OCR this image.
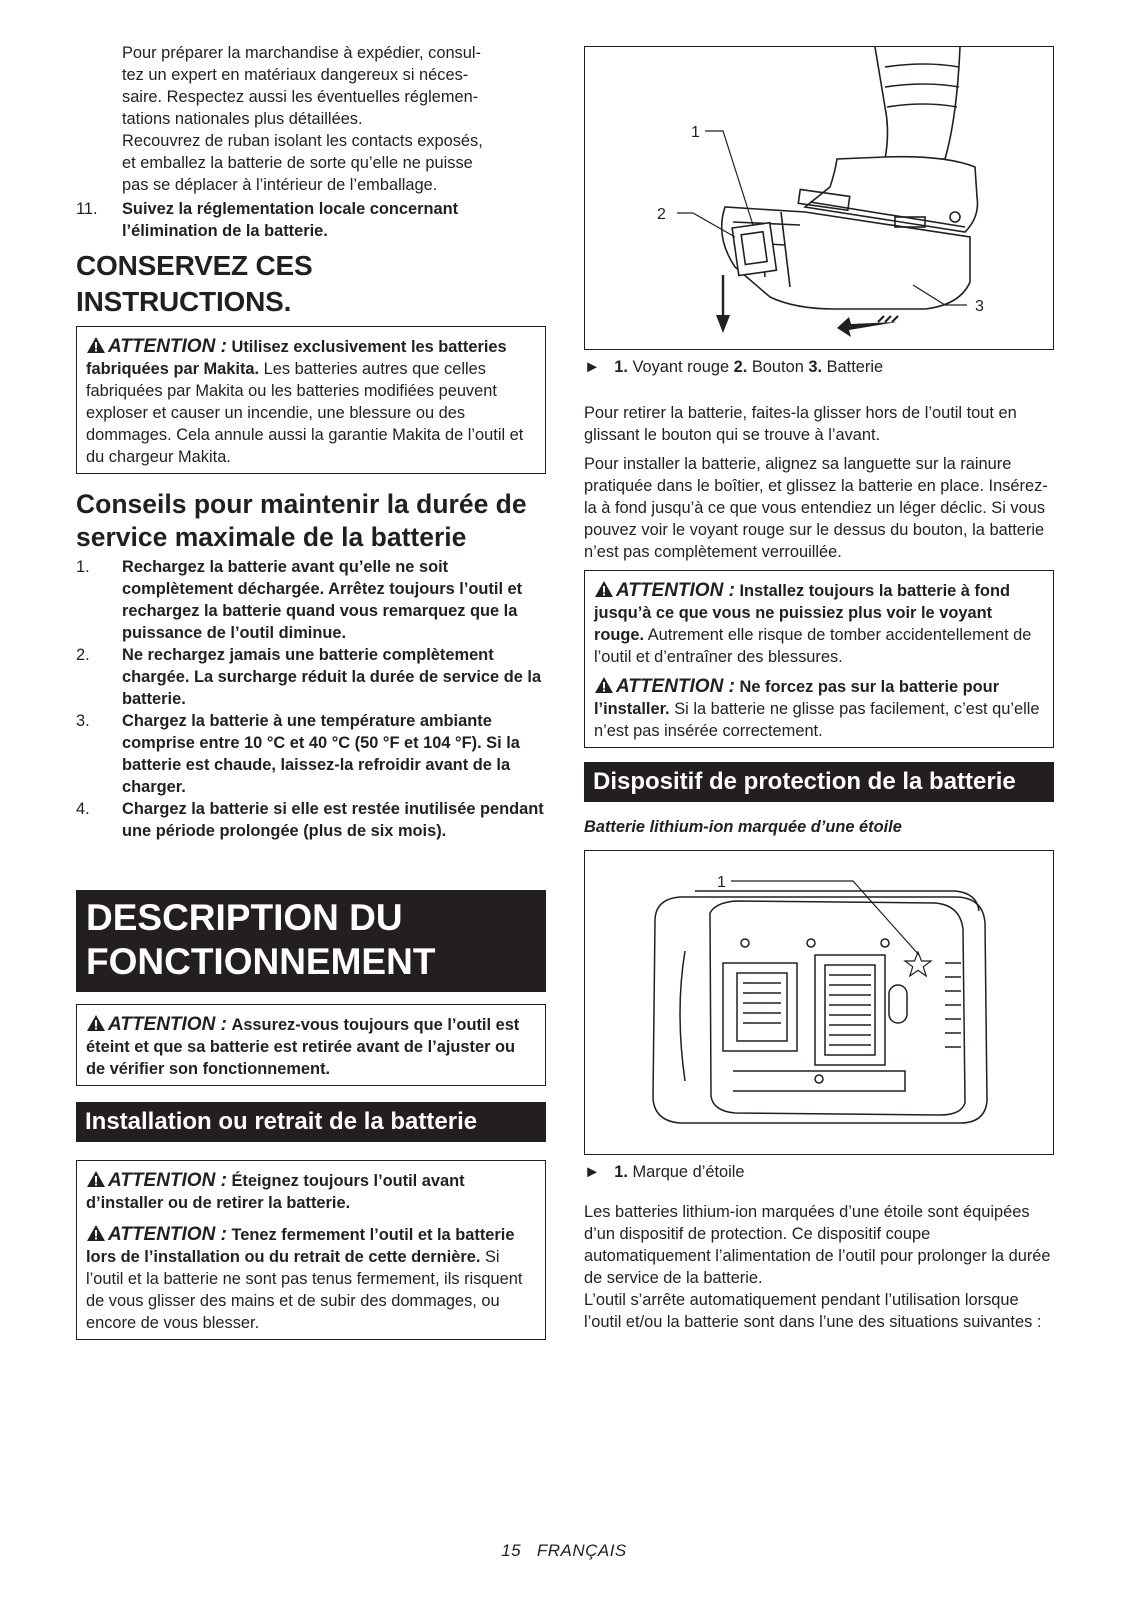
Pour préparer la marchandise à expédier, consul-

tez un expert en matériaux dangereux si néces-

saire. Respectez aussi les éventuelles réglemen-

tations nationales plus détaillées.

Recouvrez de ruban isolant les contacts exposés,

et emballez la batterie de sorte qu’elle ne puisse

pas se déplacer à l’intérieur de l’emballage.

11.	Suivez la réglementation locale concernant l’élimination de la batterie.
CONSERVEZ CES INSTRUCTIONS.
ATTENTION : Utilisez exclusivement les batteries fabriquées par Makita. Les batteries autres que celles fabriquées par Makita ou les batteries modifiées peuvent exploser et causer un incendie, une blessure ou des dommages. Cela annule aussi la garantie Makita de l’outil et du chargeur Makita.
Conseils pour maintenir la durée de service maximale de la batterie
1.	Rechargez la batterie avant qu’elle ne soit complètement déchargée. Arrêtez toujours l’outil et rechargez la batterie quand vous remarquez que la puissance de l’outil diminue.
2.	Ne rechargez jamais une batterie complètement chargée. La surcharge réduit la durée de service de la batterie.
3.	Chargez la batterie à une température ambiante comprise entre 10 °C et 40 °C (50 °F et 104 °F). Si la batterie est chaude, laissez-la refroidir avant de la charger.
4.	Chargez la batterie si elle est restée inutilisée pendant une période prolongée (plus de six mois).
DESCRIPTION DU FONCTIONNEMENT
ATTENTION : Assurez-vous toujours que l’outil est éteint et que sa batterie est retirée avant de l’ajuster ou de vérifier son fonctionnement.
Installation ou retrait de la batterie
ATTENTION : Éteignez toujours l’outil avant d’installer ou de retirer la batterie.
ATTENTION : Tenez fermement l’outil et la batterie lors de l’installation ou du retrait de cette dernière. Si l’outil et la batterie ne sont pas tenus fermement, ils risquent de vous glisser des mains et de subir des dommages, ou encore de vous blesser.
1
2
3

► 1. Voyant rouge 2. Bouton 3. Batterie

Pour retirer la batterie, faites-la glisser hors de l’outil tout en glissant le bouton qui se trouve à l’avant.

Pour installer la batterie, alignez sa languette sur la rainure pratiquée dans le boîtier, et glissez la batterie en place. Insérez-la à fond jusqu’à ce que vous entendiez un léger déclic. Si vous pouvez voir le voyant rouge sur le dessus du bouton, la batterie n’est pas complètement verrouillée.

ATTENTION : Installez toujours la batterie à fond jusqu’à ce que vous ne puissiez plus voir le voyant rouge. Autrement elle risque de tomber accidentellement de l’outil et d’entraîner des blessures.
ATTENTION : Ne forcez pas sur la batterie pour l’installer. Si la batterie ne glisse pas facilement, c’est qu’elle n’est pas insérée correctement.
Dispositif de protection de la batterie

Batterie lithium-ion marquée d’une étoile

1

► 1. Marque d’étoile

Les batteries lithium-ion marquées d’une étoile sont équipées d’un dispositif de protection. Ce dispositif coupe automatiquement l’alimentation de l’outil pour prolonger la durée de service de la batterie.

L’outil s’arrête automatiquement pendant l’utilisation lorsque l’outil et/ou la batterie sont dans l’une des situations suivantes :

15 FRANÇAIS
